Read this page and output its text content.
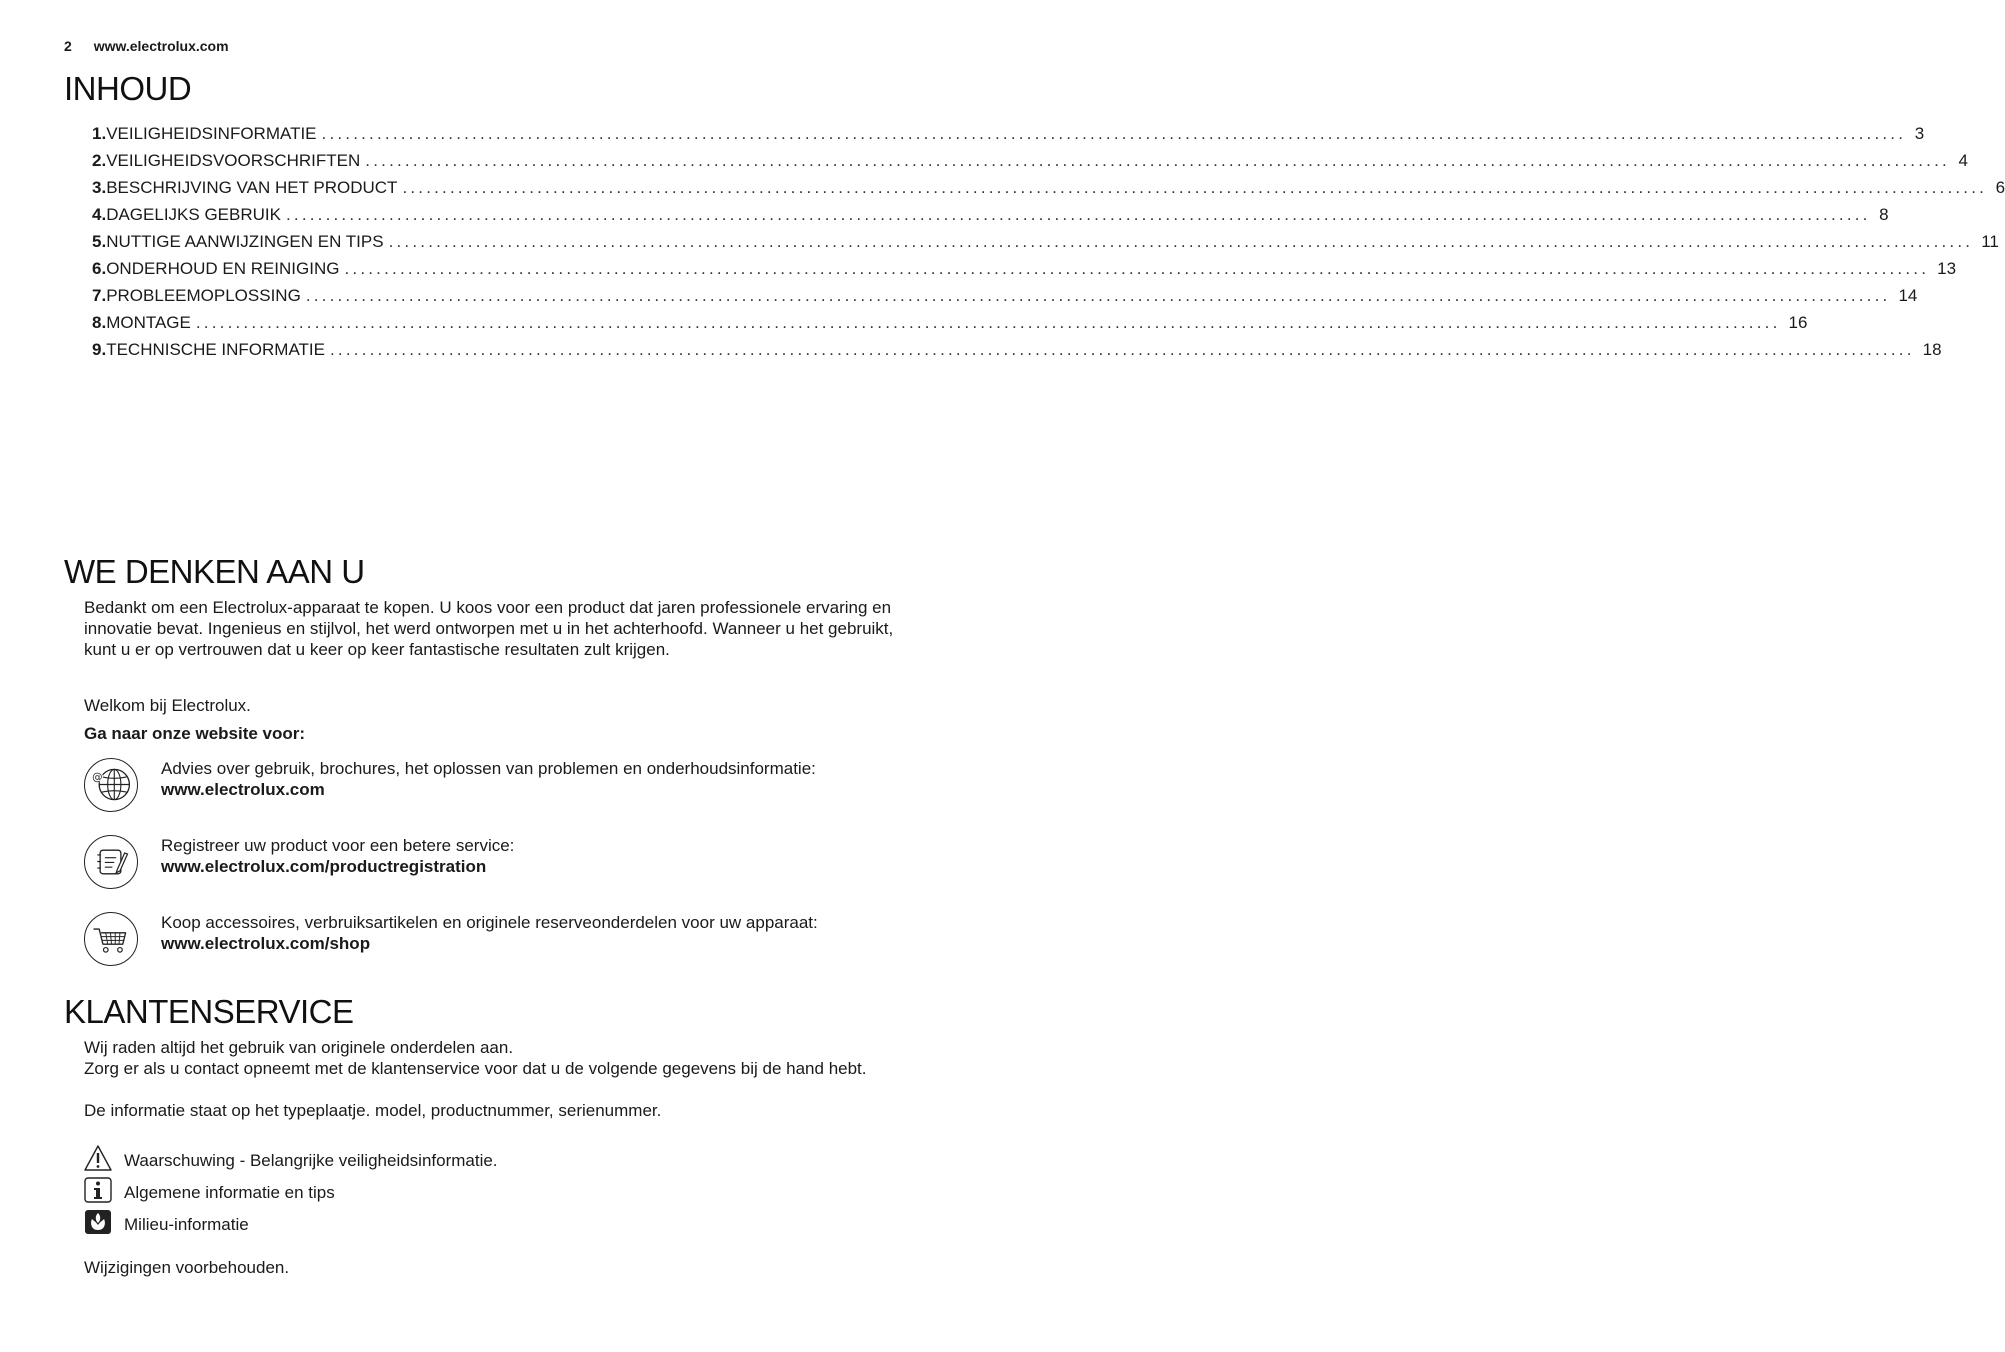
2 www.electrolux.com
INHOUD
1. VEILIGHEIDSINFORMATIE ........................................................................................................................................................................................................ 3
2. VEILIGHEIDSVOORSCHRIFTEN ........................................................................................................................................................................................................ 4
3. BESCHRIJVING VAN HET PRODUCT ........................................................................................................................................................................................................ 6
4. DAGELIJKS GEBRUIK ........................................................................................................................................................................................................ 8
5. NUTTIGE AANWIJZINGEN EN TIPS ........................................................................................................................................................................................................ 11
6. ONDERHOUD EN REINIGING ........................................................................................................................................................................................................ 13
7. PROBLEEMOPLOSSING ........................................................................................................................................................................................................ 14
8. MONTAGE ........................................................................................................................................................................................................ 16
9. TECHNISCHE INFORMATIE ........................................................................................................................................................................................................ 18
WE DENKEN AAN U

Bedankt om een Electrolux-apparaat te kopen. U koos voor een product dat jaren professionele ervaring en innovatie bevat. Ingenieus en stijlvol, het werd ontworpen met u in het achterhoofd. Wanneer u het gebruikt, kunt u er op vertrouwen dat u keer op keer fantastische resultaten zult krijgen.

Welkom bij Electrolux.

Ga naar onze website voor:

@	Advies over gebruik, brochures, het oplossen van problemen en onderhoudsinformatie:
www.electrolux.com
Registreer uw product voor een betere service:
www.electrolux.com/productregistration
Koop accessoires, verbruiksartikelen en originele reserveonderdelen voor uw apparaat:
www.electrolux.com/shop
KLANTENSERVICE

Wij raden altijd het gebruik van originele onderdelen aan.

Zorg er als u contact opneemt met de klantenservice voor dat u de volgende gegevens bij de hand hebt.

De informatie staat op het typeplaatje. model, productnummer, serienummer.

Waarschuwing - Belangrijke veiligheidsinformatie.
Algemene informatie en tips
Milieu-informatie

Wijzigingen voorbehouden.
